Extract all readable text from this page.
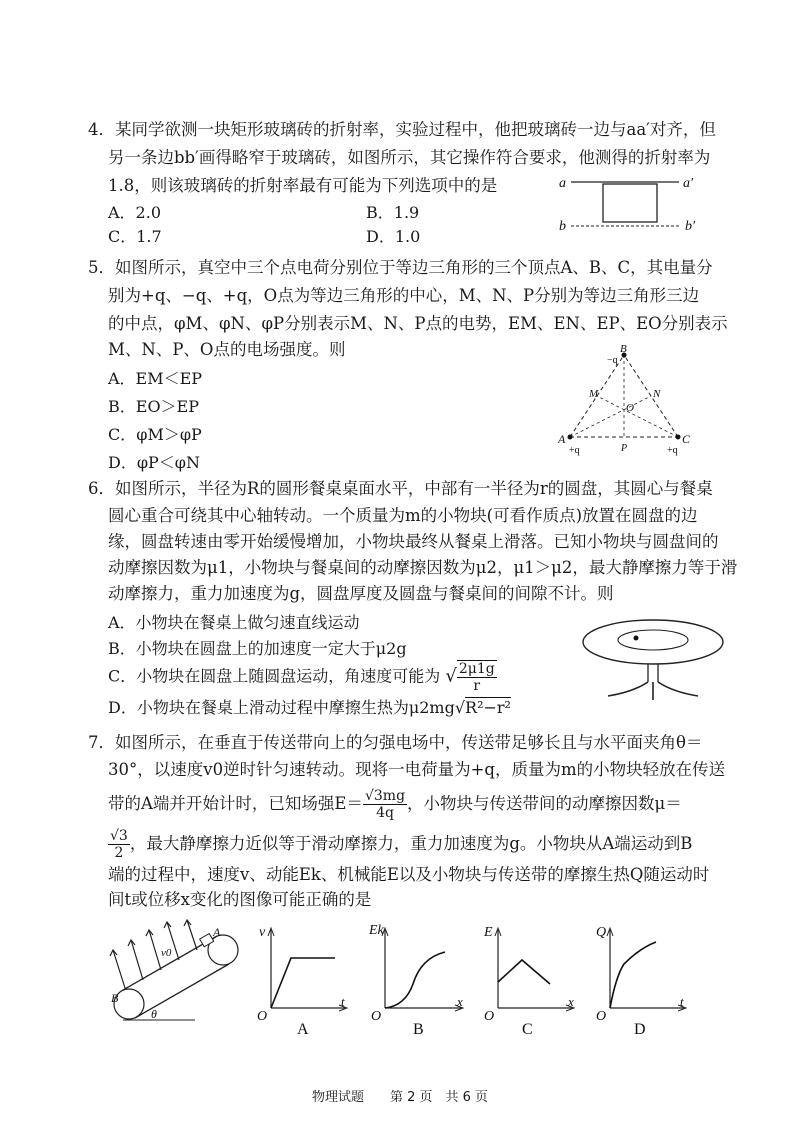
4．某同学欲测一块矩形玻璃砖的折射率，实验过程中，他把玻璃砖一边与aa′对齐，但
另一条边bb′画得略窄于玻璃砖，如图所示，其它操作符合要求，他测得的折射率为
1.8，则该玻璃砖的折射率最有可能为下列选项中的是
A．2.0	B．1.9
C．1.7	D．1.0
a	a′
b	b′
5．如图所示，真空中三个点电荷分别位于等边三角形的三个顶点A、B、C，其电量分
别为+q、−q、+q，O点为等边三角形的中心，M、N、P分别为等边三角形三边
的中点，φM、φN、φP分别表示M、N、P点的电势，EM、EN、EP、EO分别表示
M、N、P、O点的电场强度。则
A．EM＜EP
B．EO＞EP
C．φM＞φP
D．φP＜φN
B
−q
A
+q
C
+q
M	N
O
P
6．如图所示，半径为R的圆形餐桌桌面水平，中部有一半径为r的圆盘，其圆心与餐桌
圆心重合可绕其中心轴转动。一个质量为m的小物块(可看作质点)放置在圆盘的边
缘，圆盘转速由零开始缓慢增加，小物块最终从餐桌上滑落。已知小物块与圆盘间的
动摩擦因数为μ1，小物块与餐桌间的动摩擦因数为μ2，μ1＞μ2，最大静摩擦力等于滑
动摩擦力，重力加速度为g，圆盘厚度及圆盘与餐桌间的间隙不计。则
A．小物块在餐桌上做匀速直线运动
B．小物块在圆盘上的加速度一定大于μ2g
C．小物块在圆盘上随圆盘运动，角速度可能为 √ $\frac{2\mu 1g}{r}$
D．小物块在餐桌上滑动过程中摩擦生热为μ2mg√R²−r²
7．如图所示，在垂直于传送带向上的匀强电场中，传送带足够长且与水平面夹角θ＝
30°，以速度v0逆时针匀速转动。现将一电荷量为+q，质量为m的小物块轻放在传送
带的A端并开始计时，已知场强$E= \frac{√3mg}{4q}$ ，小物块与传送带间的动摩擦因数μ＝
$\frac{√3}{2}$ ，最大静摩擦力近似等于滑动摩擦力，重力加速度为g。小物块从A端运动到B
端的过程中，速度v、动能Ek、机械能E以及小物块与传送带的摩擦生热Q随运动时
间t或位移x变化的图像可能正确的是
A
B
v0
θ
v
t
O
A
Ek
x
O
B
E
x
O
C
Q
t
O
D
物理试题　　第 2 页　共 6 页
